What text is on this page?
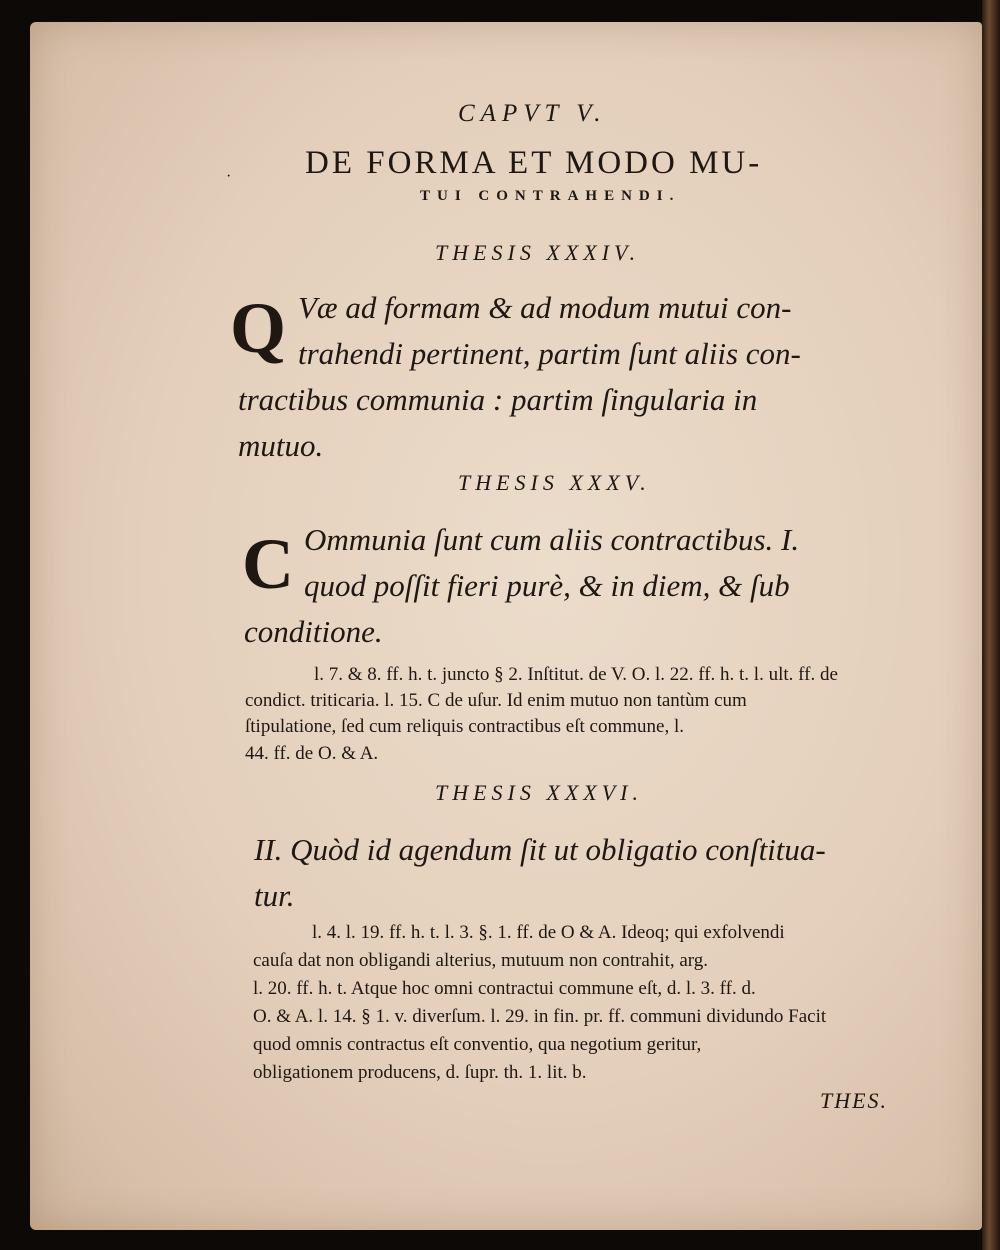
CAPVT V.
· DE FORMA ET MODO MU-
TUI CONTRAHENDI.
THESIS XXXIV.
Q Væ ad formam & ad modum mutui con-
trahendi pertinent, partim ſunt aliis con-
tractibus communia : partim ſingularia in
mutuo.
THESIS XXXV.
C Ommunia ſunt cum aliis contractibus. I.
quod poſſit fieri purè, & in diem, & ſub
conditione.
l. 7. & 8. ff. h. t. juncto § 2. Inſtitut. de V. O. l. 22. ff. h. t. l. ult. ff. de
condict. triticaria. l. 15. C de uſur. Id enim mutuo non tantùm cum
ſtipulatione, ſed cum reliquis contractibus eſt commune, l.
44. ff. de O. & A.
THESIS XXXVI.
II. Quòd id agendum ſit ut obligatio conſtitua-
tur.
l. 4. l. 19. ff. h. t. l. 3. §. 1. ff. de O & A. Ideoq; qui exfolvendi
cauſa dat non obligandi alterius, mutuum non contrahit, arg.
l. 20. ff. h. t. Atque hoc omni contractui commune eſt, d. l. 3. ff. d.
O. & A. l. 14. § 1. v. diverſum. l. 29. in fin. pr. ff. communi dividundo Facit
quod omnis contractus eſt conventio, qua negotium geritur,
obligationem producens, d. ſupr. th. 1. lit. b.
THES.
